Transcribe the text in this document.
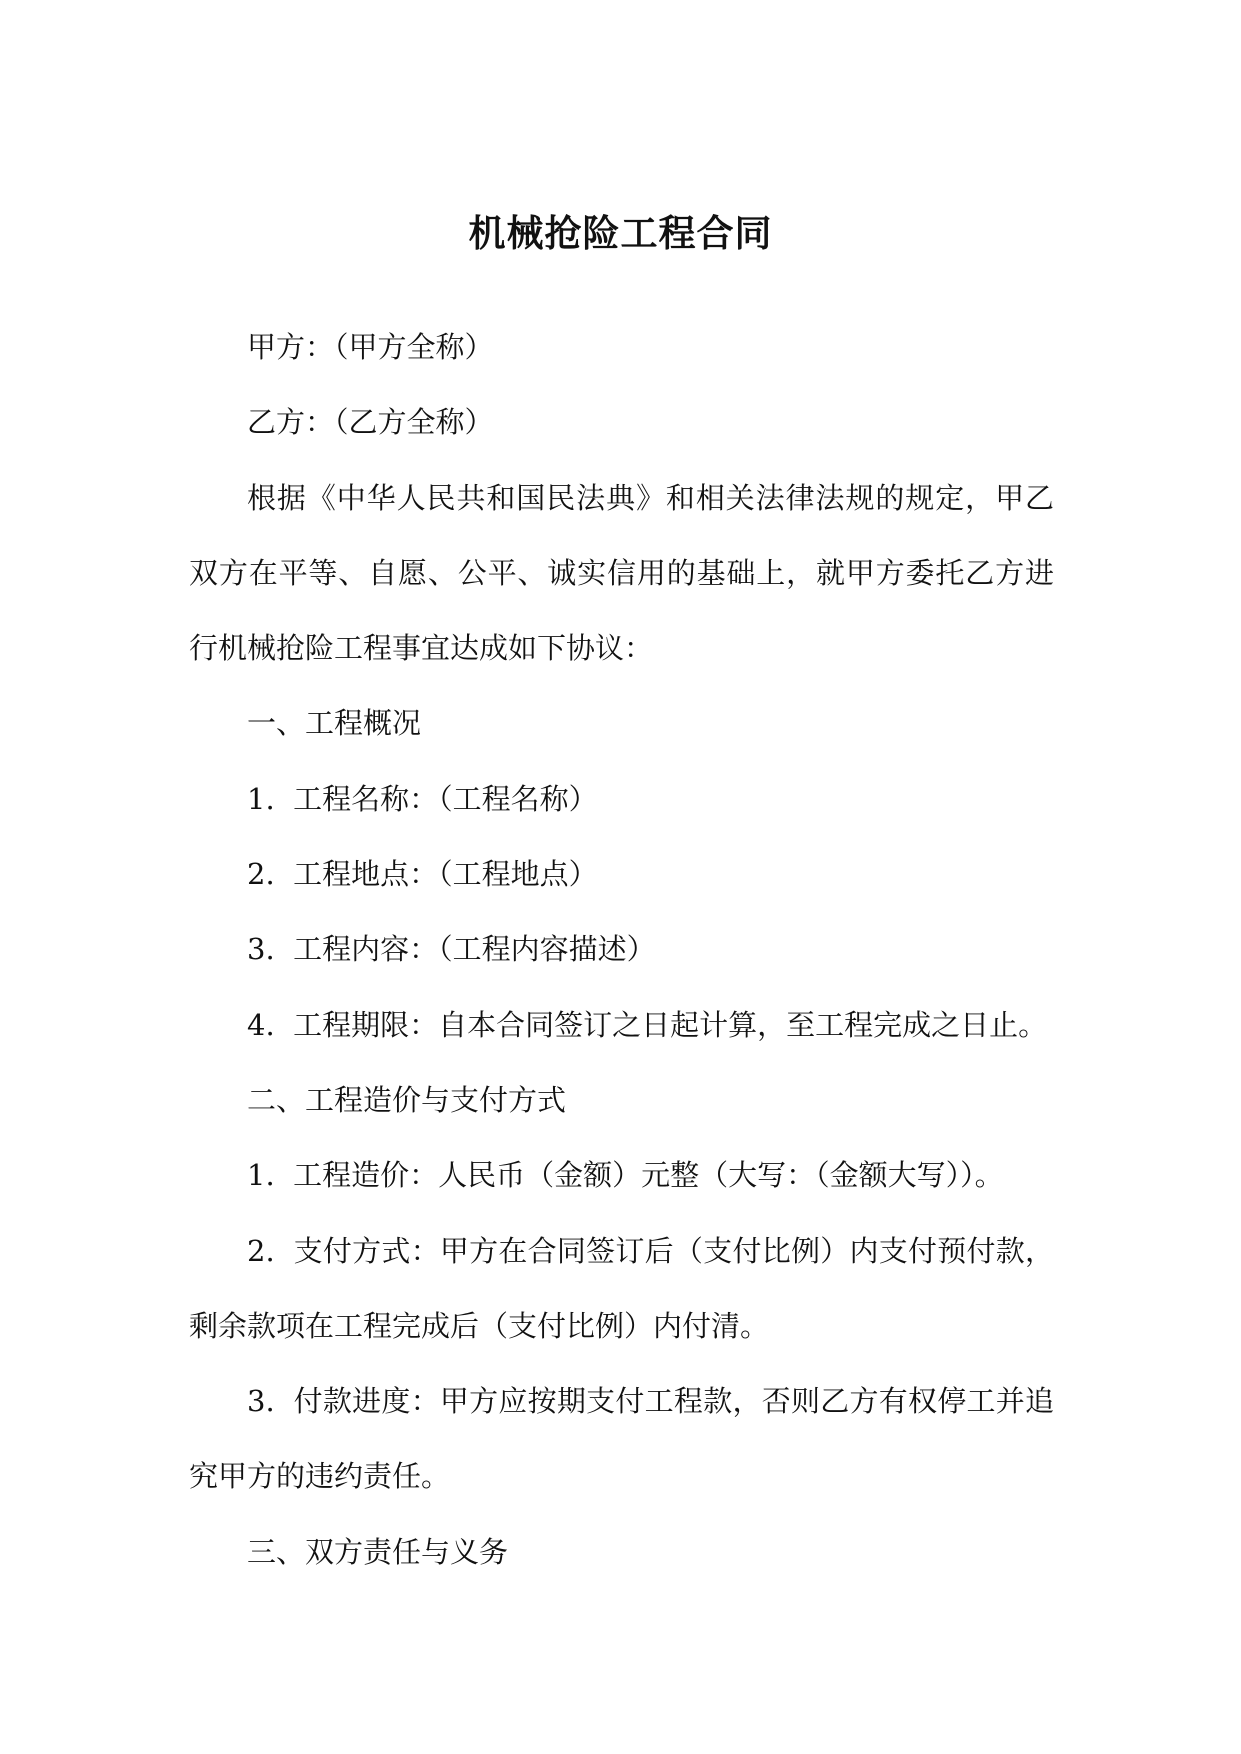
机械抢险工程合同

甲方：（甲方全称）

乙方：（乙方全称）

根据《中华人民共和国民法典》和相关法律法规的规定，甲乙双方在平等、自愿、公平、诚实信用的基础上，就甲方委托乙方进行机械抢险工程事宜达成如下协议：

一、工程概况

1.  工程名称：（工程名称）

2.  工程地点：（工程地点）

3.  工程内容：（工程内容描述）

4.  工程期限：自本合同签订之日起计算，至工程完成之日止。

二、工程造价与支付方式

1.  工程造价：人民币（金额）元整（大写：（金额大写））。

2.  支付方式：甲方在合同签订后（支付比例）内支付预付款，剩余款项在工程完成后（支付比例）内付清。

3.  付款进度：甲方应按期支付工程款，否则乙方有权停工并追究甲方的违约责任。

三、双方责任与义务
